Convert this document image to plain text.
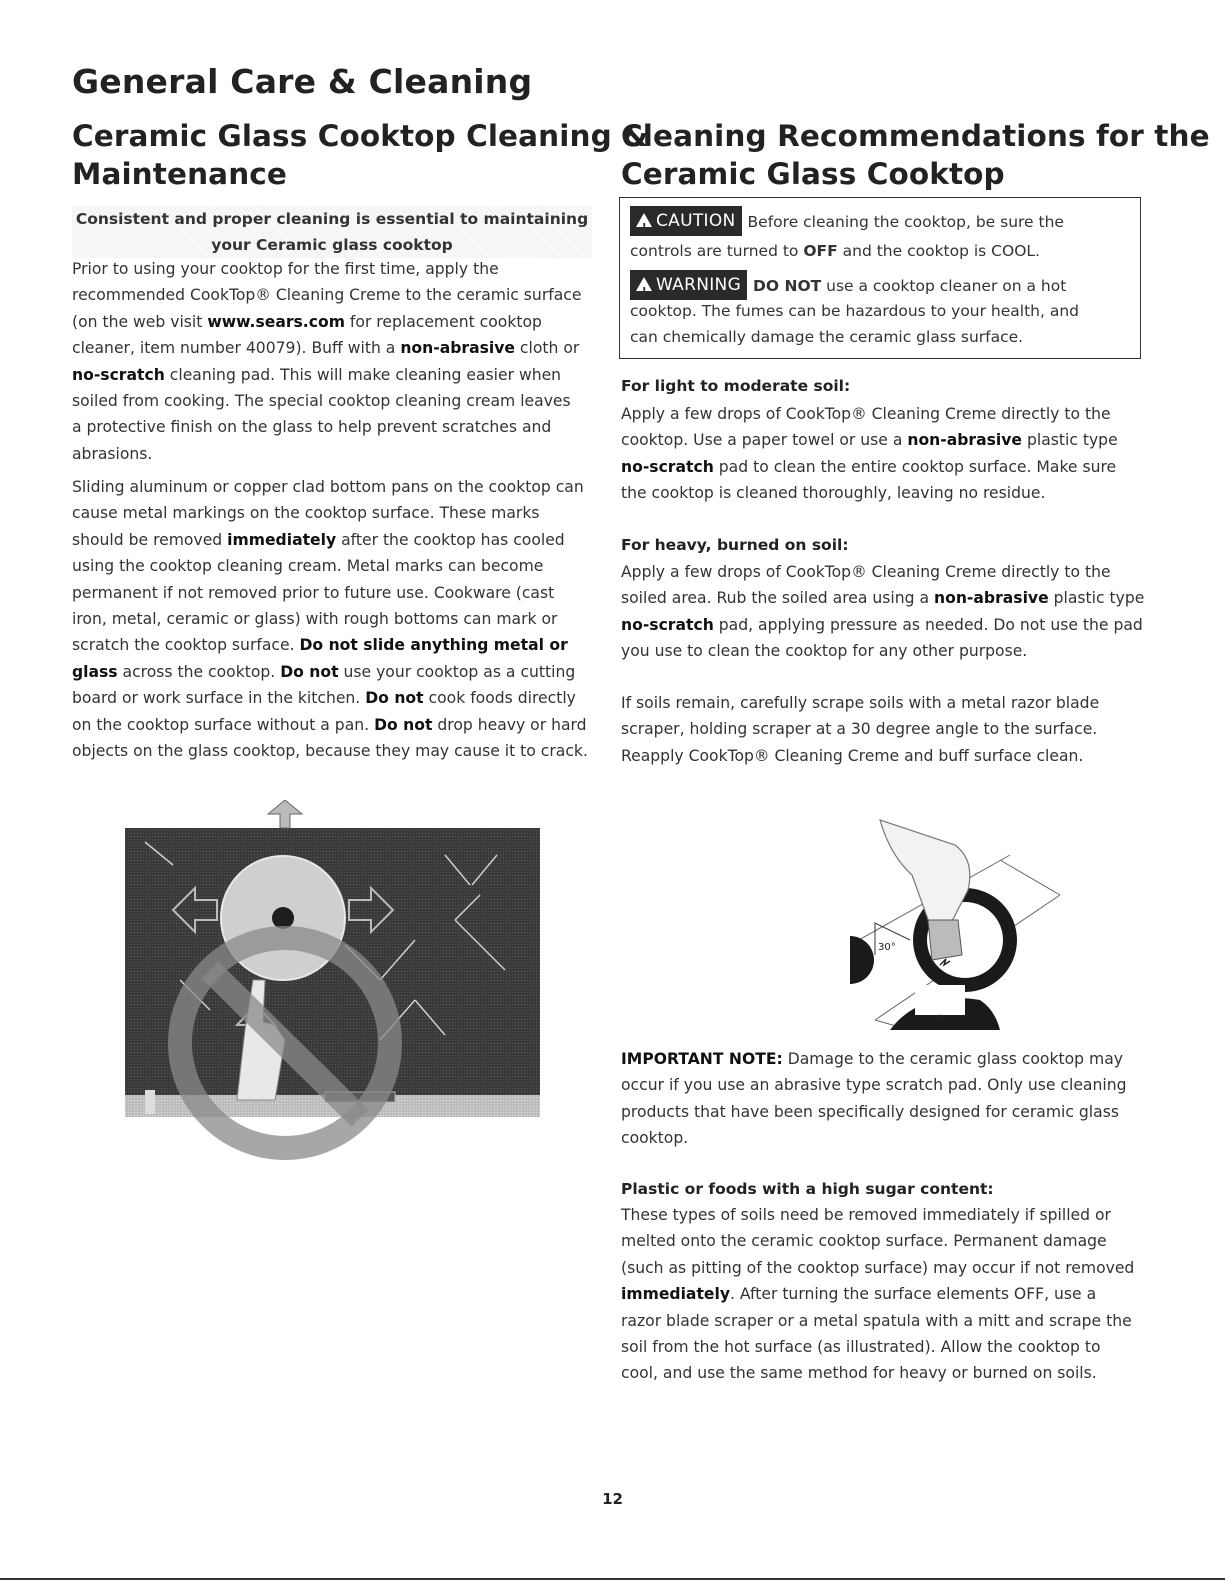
General Care & Cleaning
Ceramic Glass Cooktop Cleaning &
Maintenance
Cleaning Recommendations for the
Ceramic Glass Cooktop
Consistent and proper cleaning is essential to maintaining
your Ceramic glass cooktop

Prior to using your cooktop for the first time, apply the recommended CookTop® Cleaning Creme to the ceramic surface (on the web visit www.sears.com for replacement cooktop cleaner, item number 40079). Buff with a non-abrasive cloth or no-scratch cleaning pad. This will make cleaning easier when soiled from cooking. The special cooktop cleaning cream leaves a protective finish on the glass to help prevent scratches and abrasions.

Sliding aluminum or copper clad bottom pans on the cooktop can cause metal markings on the cooktop surface. These marks should be removed immediately after the cooktop has cooled using the cooktop cleaning cream. Metal marks can become permanent if not removed prior to future use. Cookware (cast iron, metal, ceramic or glass) with rough bottoms can mark or scratch the cooktop surface. Do not slide anything metal or glass across the cooktop. Do not use your cooktop as a cutting board or work surface in the kitchen. Do not cook foods directly on the cooktop surface without a pan. Do not drop heavy or hard objects on the glass cooktop, because they may cause it to crack.

! CAUTION Before cleaning the cooktop, be sure the
controls are turned to OFF and the cooktop is COOL.
! WARNING DO NOT use a cooktop cleaner on a hot
cooktop. The fumes can be hazardous to your health, and
can chemically damage the ceramic glass surface.

For light to moderate soil:

Apply a few drops of CookTop® Cleaning Creme directly to the cooktop. Use a paper towel or use a non-abrasive plastic type no-scratch pad to clean the entire cooktop surface. Make sure the cooktop is cleaned thoroughly, leaving no residue.

For heavy, burned on soil:

Apply a few drops of CookTop® Cleaning Creme directly to the soiled area. Rub the soiled area using a non-abrasive plastic type no-scratch pad, applying pressure as needed. Do not use the pad you use to clean the cooktop for any other purpose.

If soils remain, carefully scrape soils with a metal razor blade scraper, holding scraper at a 30 degree angle to the surface. Reapply CookTop® Cleaning Creme and buff surface clean.

30°

IMPORTANT NOTE: Damage to the ceramic glass cooktop may occur if you use an abrasive type scratch pad. Only use cleaning products that have been specifically designed for ceramic glass cooktop.

Plastic or foods with a high sugar content:

These types of soils need be removed immediately if spilled or melted onto the ceramic cooktop surface. Permanent damage (such as pitting of the cooktop surface) may occur if not removed immediately. After turning the surface elements OFF, use a razor blade scraper or a metal spatula with a mitt and scrape the soil from the hot surface (as illustrated). Allow the cooktop to cool, and use the same method for heavy or burned on soils.

12
